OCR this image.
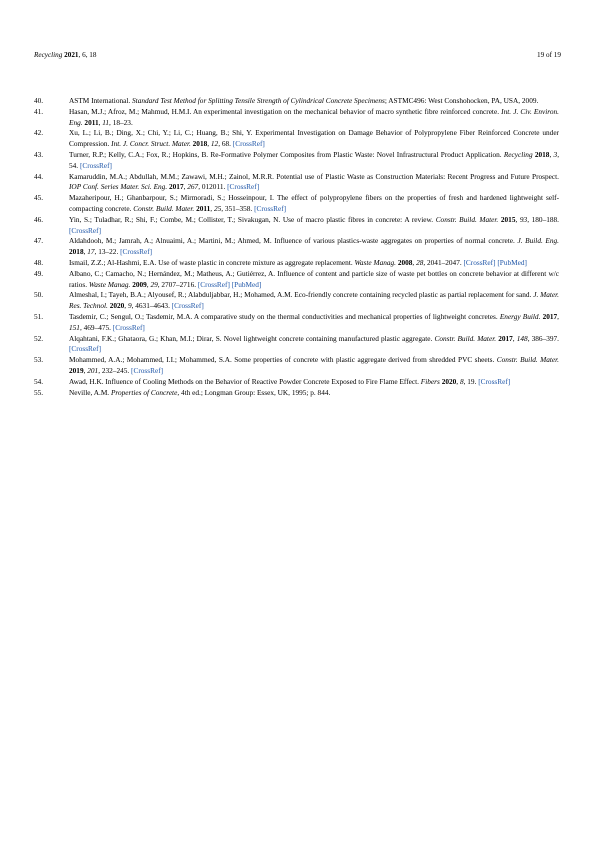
Recycling 2021, 6, 18	19 of 19
40.	ASTM International. Standard Test Method for Splitting Tensile Strength of Cylindrical Concrete Specimens; ASTMC496: West Conshohocken, PA, USA, 2009.
41.	Hasan, M.J.; Afroz, M.; Mahmud, H.M.I. An experimental investigation on the mechanical behavior of macro synthetic fibre reinforced concrete. Int. J. Civ. Environ. Eng. 2011, 11, 18–23.
42.	Xu, L.; Li, B.; Ding, X.; Chi, Y.; Li, C.; Huang, B.; Shi, Y. Experimental Investigation on Damage Behavior of Polypropylene Fiber Reinforced Concrete under Compression. Int. J. Concr. Struct. Mater. 2018, 12, 68. [CrossRef]
43.	Turner, R.P.; Kelly, C.A.; Fox, R.; Hopkins, B. Re-Formative Polymer Composites from Plastic Waste: Novel Infrastructural Product Application. Recycling 2018, 3, 54. [CrossRef]
44.	Kamaruddin, M.A.; Abdullah, M.M.; Zawawi, M.H.; Zainol, M.R.R. Potential use of Plastic Waste as Construction Materials: Recent Progress and Future Prospect. IOP Conf. Series Mater. Sci. Eng. 2017, 267, 012011. [CrossRef]
45.	Mazaheripour, H.; Ghanbarpour, S.; Mirmoradi, S.; Hosseinpour, I. The effect of polypropylene fibers on the properties of fresh and hardened lightweight self-compacting concrete. Constr. Build. Mater. 2011, 25, 351–358. [CrossRef]
46.	Yin, S.; Tuladhar, R.; Shi, F.; Combe, M.; Collister, T.; Sivakugan, N. Use of macro plastic fibres in concrete: A review. Constr. Build. Mater. 2015, 93, 180–188. [CrossRef]
47.	Aldahdooh, M.; Jamrah, A.; Alnuaimi, A.; Martini, M.; Ahmed, M. Influence of various plastics-waste aggregates on properties of normal concrete. J. Build. Eng. 2018, 17, 13–22. [CrossRef]
48.	Ismail, Z.Z.; Al-Hashmi, E.A. Use of waste plastic in concrete mixture as aggregate replacement. Waste Manag. 2008, 28, 2041–2047. [CrossRef] [PubMed]
49.	Albano, C.; Camacho, N.; Hernández, M.; Matheus, A.; Gutiérrez, A. Influence of content and particle size of waste pet bottles on concrete behavior at different w/c ratios. Waste Manag. 2009, 29, 2707–2716. [CrossRef] [PubMed]
50.	Almeshal, I.; Tayeh, B.A.; Alyousef, R.; Alabduljabbar, H.; Mohamed, A.M. Eco-friendly concrete containing recycled plastic as partial replacement for sand. J. Mater. Res. Technol. 2020, 9, 4631–4643. [CrossRef]
51.	Tasdemir, C.; Sengul, O.; Tasdemir, M.A. A comparative study on the thermal conductivities and mechanical properties of lightweight concretes. Energy Build. 2017, 151, 469–475. [CrossRef]
52.	Alqahtani, F.K.; Ghataora, G.; Khan, M.I.; Dirar, S. Novel lightweight concrete containing manufactured plastic aggregate. Constr. Build. Mater. 2017, 148, 386–397. [CrossRef]
53.	Mohammed, A.A.; Mohammed, I.I.; Mohammed, S.A. Some properties of concrete with plastic aggregate derived from shredded PVC sheets. Constr. Build. Mater. 2019, 201, 232–245. [CrossRef]
54.	Awad, H.K. Influence of Cooling Methods on the Behavior of Reactive Powder Concrete Exposed to Fire Flame Effect. Fibers 2020, 8, 19. [CrossRef]
55.	Neville, A.M. Properties of Concrete, 4th ed.; Longman Group: Essex, UK, 1995; p. 844.
